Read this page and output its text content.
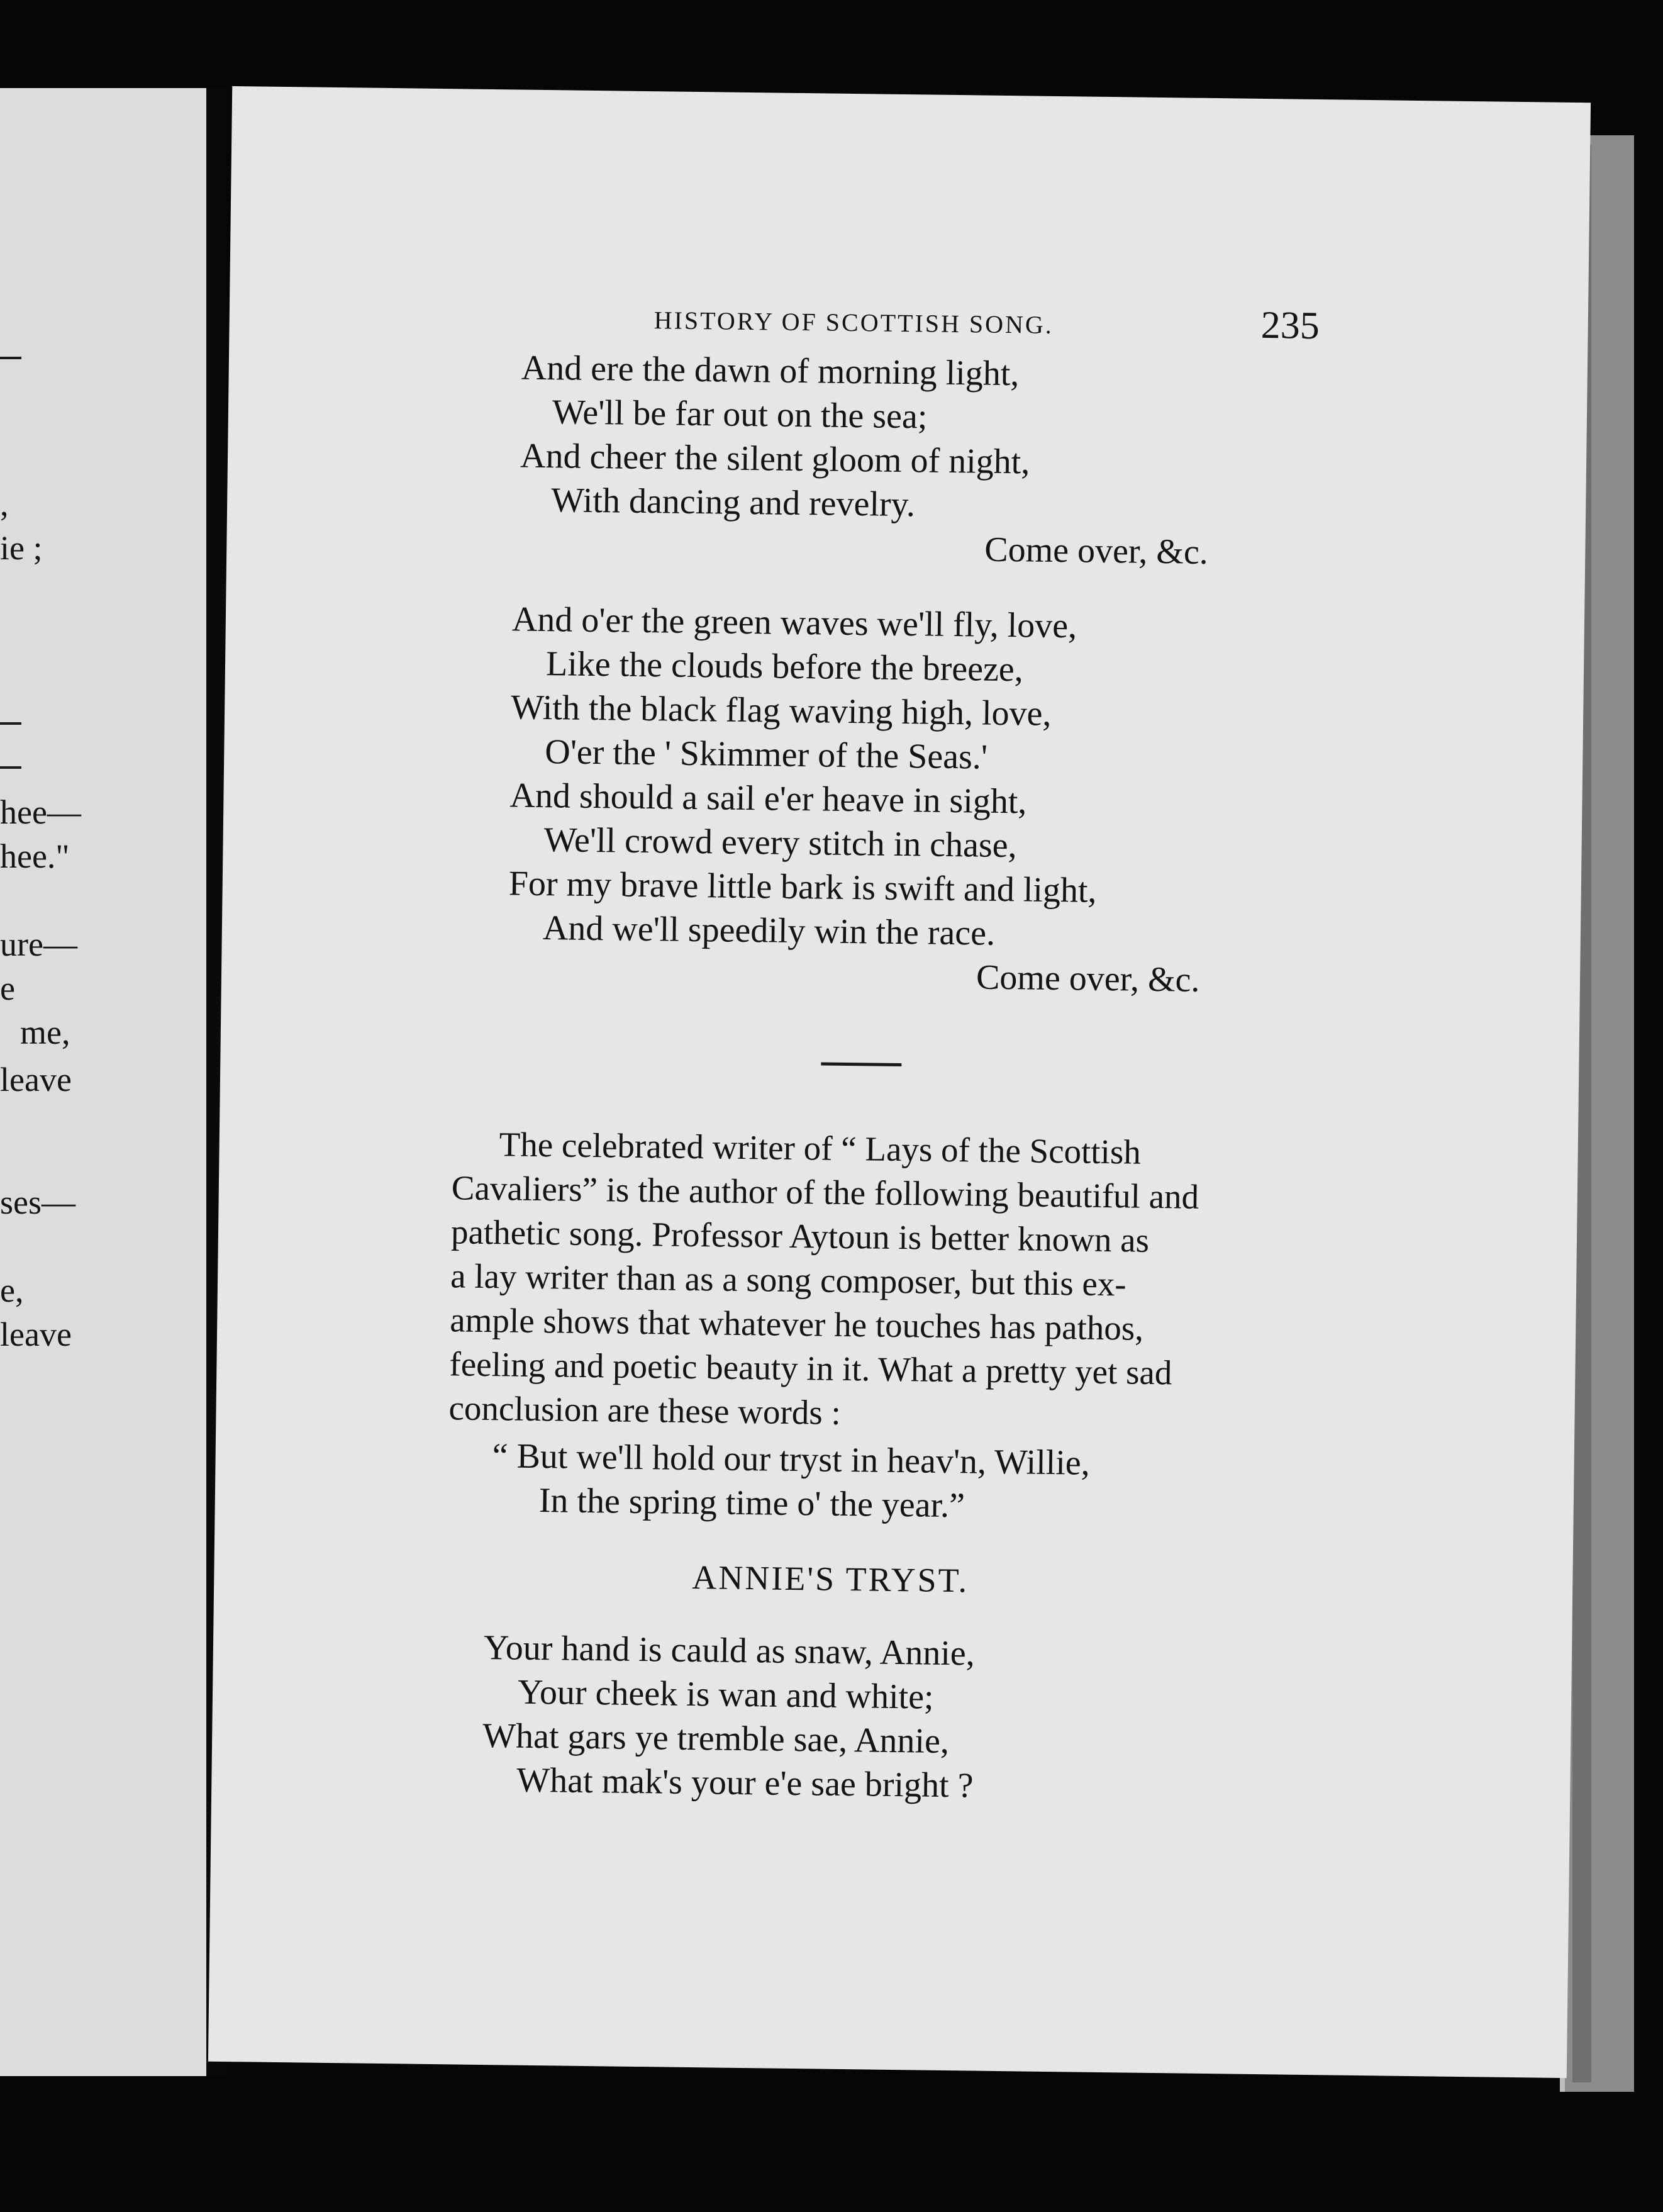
,
ie ;
hee—
hee."
ure—
e
me,
leave
ses—
e,
leave
HISTORY OF SCOTTISH SONG.	235
And ere the dawn of morning light,
We'll be far out on the sea;
And cheer the silent gloom of night,
With dancing and revelry.
Come over, &c.
And o'er the green waves we'll fly, love,
Like the clouds before the breeze,
With the black flag waving high, love,
O'er the ' Skimmer of the Seas.'
And should a sail e'er heave in sight,
We'll crowd every stitch in chase,
For my brave little bark is swift and light,
And we'll speedily win the race.
Come over, &c.
The celebrated writer of “ Lays of the Scottish
Cavaliers” is the author of the following beautiful and
pathetic song. Professor Aytoun is better known as
a lay writer than as a song composer, but this ex-
ample shows that whatever he touches has pathos,
feeling and poetic beauty in it. What a pretty yet sad
conclusion are these words :
“ But we'll hold our tryst in heav'n, Willie,
In the spring time o' the year.”
ANNIE'S TRYST.
Your hand is cauld as snaw, Annie,
Your cheek is wan and white;
What gars ye tremble sae, Annie,
What mak's your e'e sae bright ?
